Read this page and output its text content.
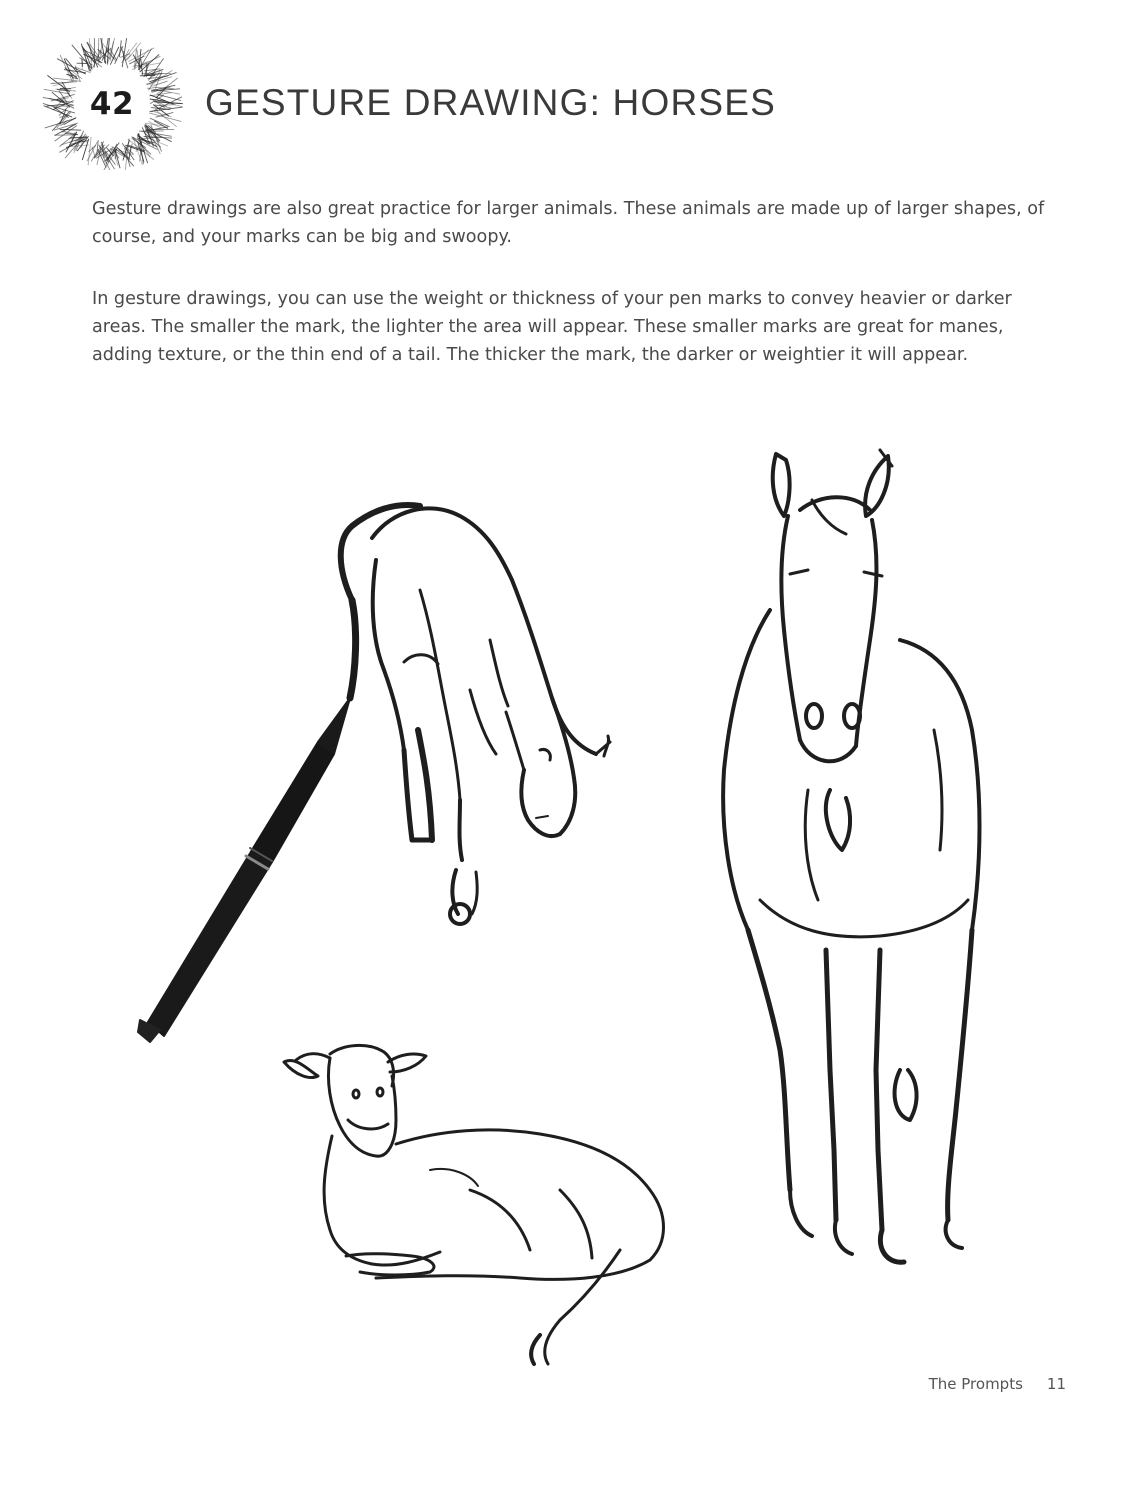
42	GESTURE DRAWING: HORSES

Gesture drawings are also great practice for larger animals. These animals are made up of larger shapes, of course, and your marks can be big and swoopy.

In gesture drawings, you can use the weight or thickness of your pen marks to convey heavier or darker areas. The smaller the mark, the lighter the area will appear. These smaller marks are great for manes, adding texture, or the thin end of a tail. The thicker the mark, the darker or weightier it will appear.

The Prompts 11
